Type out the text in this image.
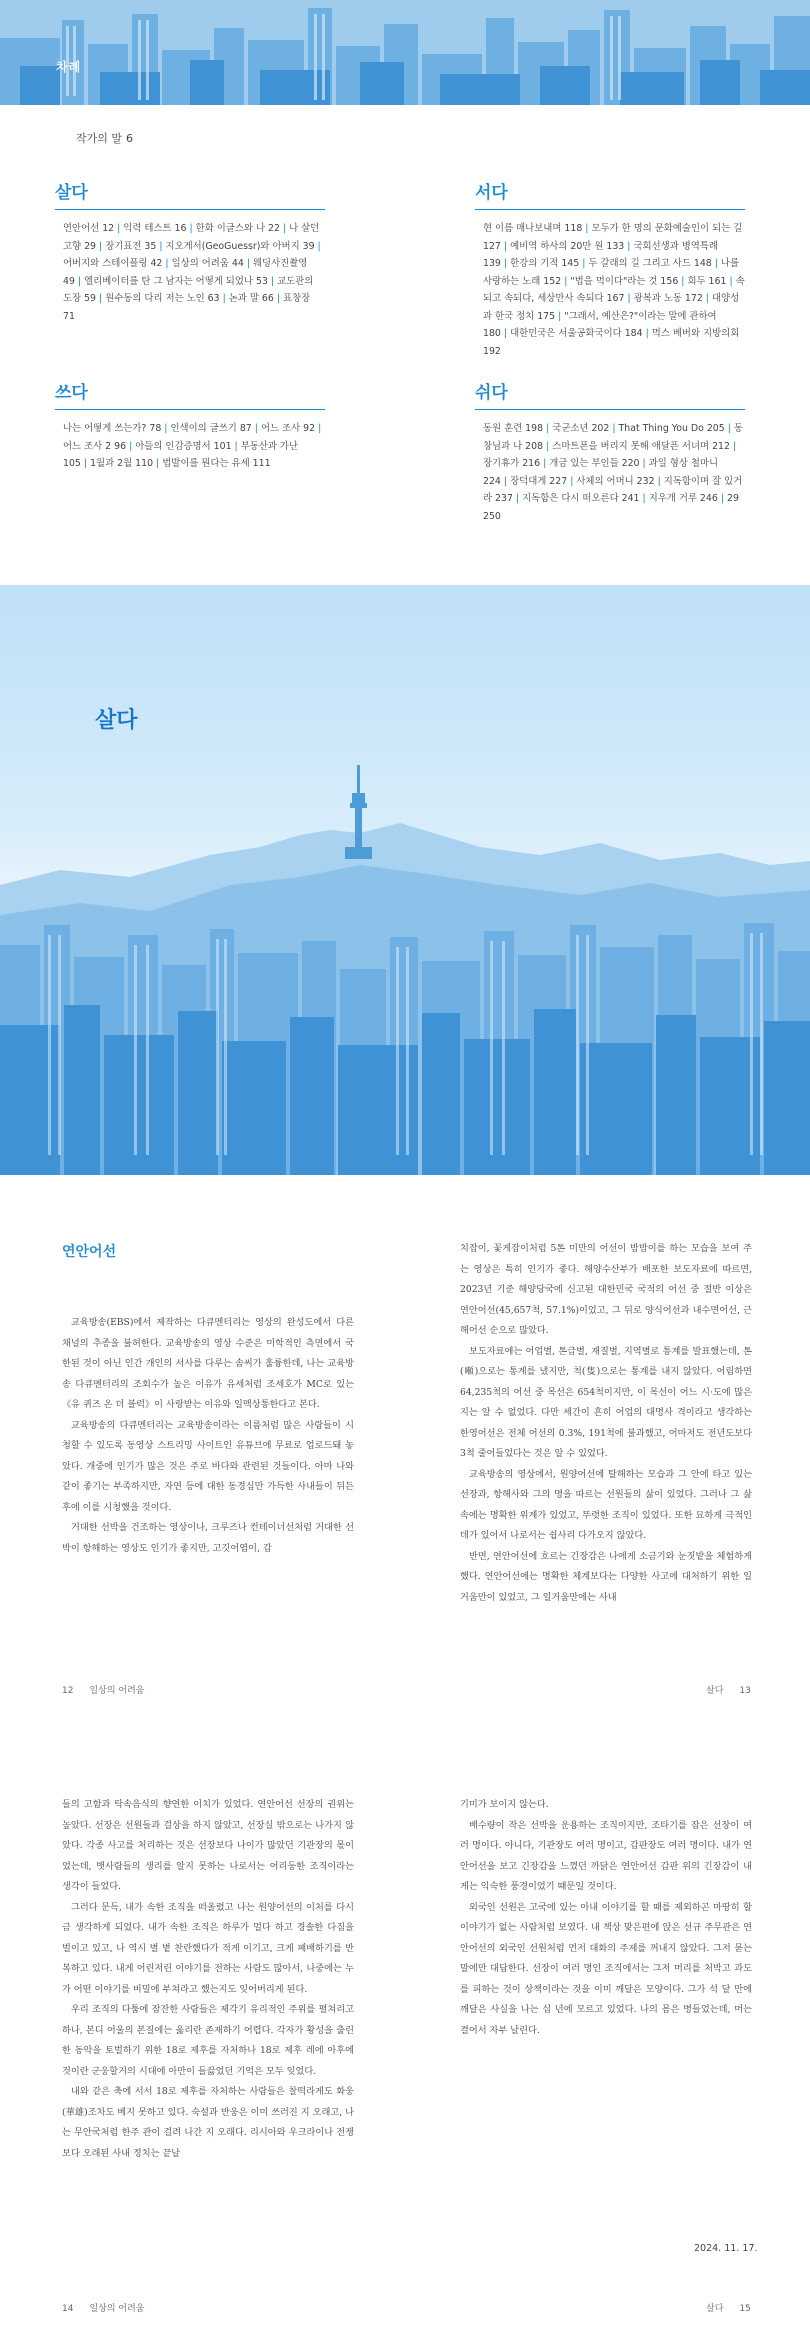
차례
작가의 말 6
살다
연안어선 12 | 익력 테스트 16 | 한화 이글스와 나 22 | 나 살던 고향 29 | 장기표전 35 | 지오게서(GeoGuessr)와 아버지 39 |어버지와 스테이플링 42 | 일상의 어려움 44 | 웨딩사진촬영 49 | 엘리베이터를 탄 그 남자는 어떻게 되었나 53 | 교도관의 도장 59 | 원수동의 다리 저는 노인 63 | 논과 말 66 | 표창장 71
서다
현 이름 매나보내며 118 | 모두가 한 명의 문화예술인이 되는 길 127 | 예비역 하사의 20만 원 133 | 국회선생과 병역특례 139 | 한강의 기적 145 | 두 갈래의 길 그리고 사드 148 | 나를 사랑하는 노래 152 | "법을 먹이다"라는 것 156 | 회두 161 | 속되고 속되다, 세상만사 속되다 167 | 광복과 노동 172 | 대양성과 한국 정치 175 | "그래서, 예산은?"이라는 말에 관하여 180 | 대한민국은 서울공화국이다 184 | 먹스 베버와 지방의회 192
쓰다
나는 어떻게 쓰는가? 78 | 인색이의 글쓰기 87 | 어느 조사 92 |어느 조사 2 96 | 아들의 인감증명서 101 | 부동산과 가난 105 | 1월과 2월 110 | 법발이를 뭔다는 유세 111
쉬다
동원 훈련 198 | 국군소년 202 | That Thing You Do 205 | 동창님과 나 208 | 스마트폰을 버리지 못해 애달픈 서녀며 212 |장기휴가 216 | 개금 있는 부인들 220 | 과일 형상 철마니 224 | 장덕대게 227 | 사체의 어머니 232 | 지독함이며 잘 있거라 237 | 지독함은 다시 떠오른다 241 | 지우개 거루 246 | 29 250
살다
연안어선

교육방송(EBS)에서 제작하는 다큐멘터리는 영상의 완성도에서 다른 채널의 추종을 불허한다. 교육방송의 영상 수준은 미학적인 측면에서 국한된 것이 아닌 인간 개인의 서사를 다루는 솜씨가 훌륭한데, 나는 교육방송 다큐멘터리의 조회수가 높은 이유가 유세처럼 조세호가 MC로 있는 《유 퀴즈 온 더 블럭》이 사랑받는 이유와 일맥상통한다고 본다.

교육방송의 다큐멘터리는 교육방송이라는 이름처럼 많은 사람들이 시청할 수 있도록 동영상 스트리밍 사이트인 유튜브에 무료로 업로드돼 놓았다. 개중에 인기가 많은 것은 주로 바다와 관련된 것들이다. 아마 나와 같이 좋기는 부족하지만, 자연 등에 대한 동경심만 가득한 사내들이 뒤든 후에 이를 시청했을 것이다.

거대한 선박을 건조하는 영상이나, 크루즈나 컨테이너선처럼 거대한 선박이 항해하는 영상도 인기가 좋지만, 고깃어엽이, 갑

치잡이, 꽃게잡이처럼 5톤 미만의 어선이 밤밤이를 하는 모습을 보여 주는 영상은 특히 인기가 좋다. 해양수산부가 배포한 보도자료에 따르면, 2023년 기준 해양당국에 신고된 대한민국 국적의 어선 중 절반 이상은 연안어선(45,657척, 57.1%)이었고, 그 뒤로 양식어선과 내수면어선, 근해어선 순으로 많았다.

보도자료에는 어업별, 톤급별, 재질별, 지역별로 통계를 발표했는데, 톤(噸)으로는 통계를 냈지만, 척(隻)으로는 통계를 내지 않았다. 어림하면 64,235척의 어선 중 목선은 654척이지만, 이 목선이 어느 시·도에 많은지는 알 수 없었다. 다만 세간이 흔히 어업의 대명사 격이라고 생각하는 한영어선은 전체 어선의 0.3%, 191척에 불과했고, 어마저도 전년도보다 3척 줄어들었다는 것은 알 수 있었다.

교육방송의 영상에서, 원양어선에 탈해하는 모습과 그 안에 타고 있는 선장과, 항해사와 그의 명을 따르는 선원들의 삶이 있었다. 그러나 그 삶 속에는 명확한 위계가 있었고, 뚜렷한 조직이 있었다. 또한 묘하게 극적인 데가 있어서 나로서는 쉽사리 다가오지 않았다.

반면, 연안어선에 흐르는 긴장감은 나에게 소금기와 눈짓밭을 체험하게 했다. 연안어선에는 명확한 체계보다는 다양한 사고에 대처하기 위한 일거움만이 있었고, 그 일거움만에는 사내

12 일상의 어려움	살다 13

들의 고함과 탁속음식의 향연한 이치가 있었다. 연안어선 선장의 권위는 높았다. 선장은 선원들과 걸상을 하지 않았고, 선장실 밖으로는 나가지 않았다. 각종 사고를 처리하는 것은 선장보다 나이가 많았던 기관장의 몫이었는데, 뱃사람들의 생리를 알지 못하는 나로서는 어리둥한 조직이라는 생각이 들었다.

그러다 문득, 내가 속한 조직을 떠올렸고 나는 원양어선의 이처를 다시금 생각하게 되었다. 내가 속한 조직은 하루가 멀다 하고 경솔한 다짐을 벌이고 있고, 나 역시 별 볕 찬란했다가 적게 이기고, 크게 패배하기를 반복하고 있다. 내게 어린저린 이야기를 전하는 사람도 많아서, 나중에는 누가 어떤 이야기를 비밀에 부쳐라고 했는지도 잊어버리게 된다.

우리 조직의 다툼에 잠잔한 사람들은 제각기 유리적인 주위를 펼쳐리고 하나, 본디 어울의 본질에는 옳리란 존재하기 어렵다. 각자가 황성을 출린한 동악을 토벌하기 위한 18로 제후를 자처하나 18로 제후 레에 아후에 것이란 군웅할거의 시대에 아만이 들끓었던 기억은 모두 잊었다.

내와 같은 축에 서서 18로 제후를 자처하는 사람들은 찰떡라게도 화웅(華雄)조차도 베지 못하고 있다. 숙설과 반웅은 이미 쓰러진 지 오래고, 나는 무안국처럼 한주 관이 걸려 나간 지 오래다. 리시아와 우크라이나 전쟁보다 오래된 사내 정치는 끝날

기미가 보이지 않는다.

배수량이 작은 선박을 운용하는 조직이지만, 조타기를 잡은 선장이 여러 명이다. 아니다, 기관장도 여러 명이고, 갑판장도 여러 명이다. 내가 연안어선을 보고 긴장감을 느꼈던 까닭은 연안어선 갑판 위의 긴장감이 내게는 익숙한 풍경이었기 때문일 것이다.

외국인 선원은 고국에 있는 아내 이야기를 할 때를 제외하곤 마땅히 할 이야기가 없는 사람처럼 보였다. 내 책상 맞은편에 앉은 선규 주무관은 연안어선의 외국인 선원처럼 먼저 대화의 주제를 꺼내지 않았다. 그저 묻는 말에만 대답한다. 선장이 여러 명인 조직에서는 그저 머리를 처박고 과도를 피하는 것이 상책이라는 것을 이미 깨달은 모양이다. 그가 석 달 만에 깨달은 사실을 나는 십 년에 모르고 있었다. 나의 몸은 병들었는데, 머는 결어서 자부 날린다.

2024. 11. 17.
14 일상의 어려움	살다 15
